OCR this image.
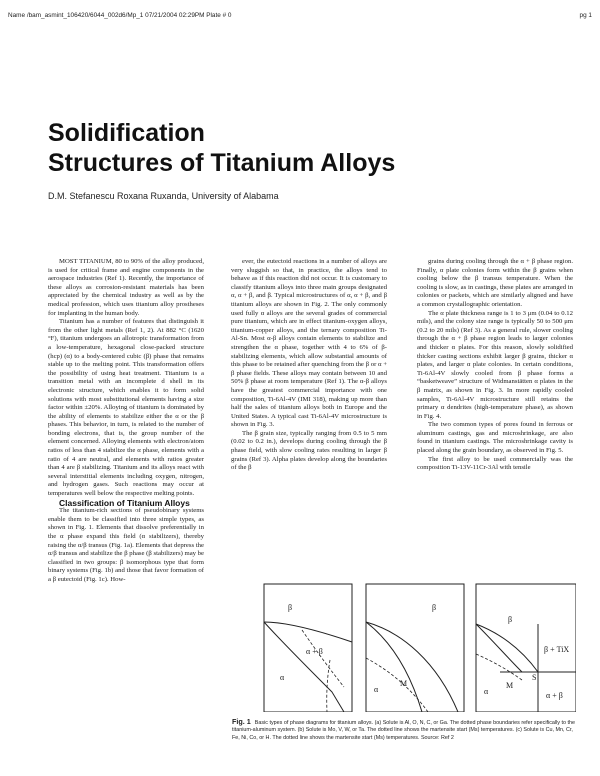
Name /bam_asmint_106420/6044_002d6/Mp_1 07/21/2004 02:29PM Plate # 0	pg 1
Solidification
Structures of Titanium Alloys
D.M. Stefanescu Roxana Ruxanda, University of Alabama

MOST TITANIUM, 80 to 90% of the alloy produced, is used for critical frame and engine components in the aerospace industries (Ref 1). Recently, the importance of these alloys as corrosion-resistant materials has been appreciated by the chemical industry as well as by the medical profession, which uses titanium alloy prostheses for implanting in the human body.

Titanium has a number of features that distinguish it from the other light metals (Ref 1, 2). At 882 °C (1620 °F), titanium undergoes an allotropic transformation from a low-temperature, hexagonal close-packed structure (hcp) (α) to a body-centered cubic (β) phase that remains stable up to the melting point. This transformation offers the possibility of using heat treatment. Titanium is a transition metal with an incomplete d shell in its electronic structure, which enables it to form solid solutions with most substitutional elements having a size factor within ±20%. Alloying of titanium is dominated by the ability of elements to stabilize either the α or the β phases. This behavior, in turn, is related to the number of bonding electrons, that is, the group number of the element concerned. Alloying elements with electron/atom ratios of less than 4 stabilize the α phase, elements with a ratio of 4 are neutral, and elements with ratios greater than 4 are β stabilizing. Titanium and its alloys react with several interstitial elements including oxygen, nitrogen, and hydrogen gases. Such reactions may occur at temperatures well below the respective melting points.

Classification of Titanium Alloys

The titanium-rich sections of pseudobinary systems enable them to be classified into three simple types, as shown in Fig. 1. Elements that dissolve preferentially in the α phase expand this field (α stabilizers), thereby raising the α/β transus (Fig. 1a). Elements that depress the α/β transus and stabilize the β phase (β stabilizers) may be classified in two groups: β isomorphous type that form binary systems (Fig. 1b) and those that favor formation of a β eutectoid (Fig. 1c). How-

ever, the eutectoid reactions in a number of alloys are very sluggish so that, in practice, the alloys tend to behave as if this reaction did not occur. It is customary to classify titanium alloys into three main groups designated α, α + β, and β. Typical microstructures of α, α + β, and β titanium alloys are shown in Fig. 2. The only commonly used fully α alloys are the several grades of commercial pure titanium, which are in effect titanium-oxygen alloys, titanium-copper alloys, and the ternary composition Ti-Al-Sn. Most α-β alloys contain elements to stabilize and strengthen the α phase, together with 4 to 6% of β-stabilizing elements, which allow substantial amounts of this phase to be retained after quenching from the β or α + β phase fields. These alloys may contain between 10 and 50% β phase at room temperature (Ref 1). The α-β alloys have the greatest commercial importance with one composition, Ti-6Al-4V (IMI 318), making up more than half the sales of titanium alloys both in Europe and the United States. A typical cast Ti-6Al-4V microstructure is shown in Fig. 3.

The β grain size, typically ranging from 0.5 to 5 mm (0.02 to 0.2 in.), develops during cooling through the β phase field, with slow cooling rates resulting in larger β grains (Ref 3). Alpha plates develop along the boundaries of the β

grains during cooling through the α + β phase region. Finally, α plate colonies form within the β grains when cooling below the β transus temperature. When the cooling is slow, as in castings, these plates are arranged in colonies or packets, which are similarly aligned and have a common crystallographic orientation.

The α plate thickness range is 1 to 3 μm (0.04 to 0.12 mils), and the colony size range is typically 50 to 500 μm (0.2 to 20 mils) (Ref 3). As a general rule, slower cooling through the α + β phase region leads to larger colonies and thicker α plates. For this reason, slowly solidified thicker casting sections exhibit larger β grains, thicker α plates, and larger α plate colonies. In certain conditions, Ti-6Al-4V slowly cooled from β phase forms a “basketweave” structure of Widmanstätten α plates in the β matrix, as shown in Fig. 3. In more rapidly cooled samples, Ti-6Al-4V microstructure still retains the primary α dendrites (high-temperature phase), as shown in Fig. 4.

The two common types of pores found in ferrous or aluminum castings, gas and microshrinkage, are also found in titanium castings. The microshrinkage cavity is placed along the grain boundary, as observed in Fig. 5.

The first alloy to be used commercially was the composition Ti-13V-11Cr-3Al with tensile

β
α + β
α
β
α
M
β
β + TiX
α
M
α + β
S
Fig. 1 Basic types of phase diagrams for titanium alloys. (a) Solute is Al, O, N, C, or Ga. The dotted phase boundaries refer specifically to the titanium-aluminum system. (b) Solute is Mo, V, W, or Ta. The dotted line shows the martensite start (Ms) temperatures. (c) Solute is Cu, Mn, Cr, Fe, Ni, Co, or H. The dotted line shows the martensite start (Ms) temperatures. Source: Ref 2
